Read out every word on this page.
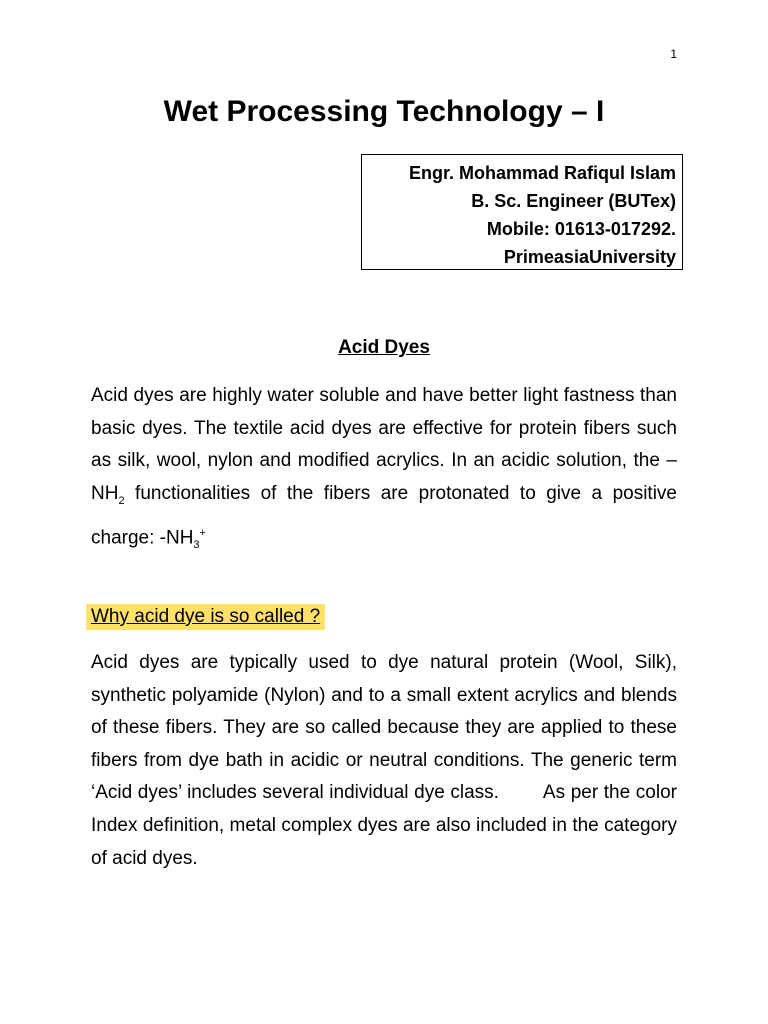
1
Wet Processing Technology – I
Engr. Mohammad Rafiqul Islam
B. Sc. Engineer (BUTex)
Mobile: 01613-017292.
PrimeasiaUniversity
Acid Dyes

Acid dyes are highly water soluble and have better light fastness than basic dyes. The textile acid dyes are effective for protein fibers such as silk, wool, nylon and modified acrylics. In an acidic solution, the $-NH_2$ functionalities of the fibers are protonated to give a positive charge: $-NH_3^+$

Why acid dye is so called ?

Acid dyes are typically used to dye natural protein (Wool, Silk), synthetic polyamide (Nylon) and to a small extent acrylics and blends of these fibers. They are so called because they are applied to these fibers from dye bath in acidic or neutral conditions. The generic term ‘Acid dyes’ includes several individual dye class.        As per the color Index definition, metal complex dyes are also included in the category of acid dyes.
